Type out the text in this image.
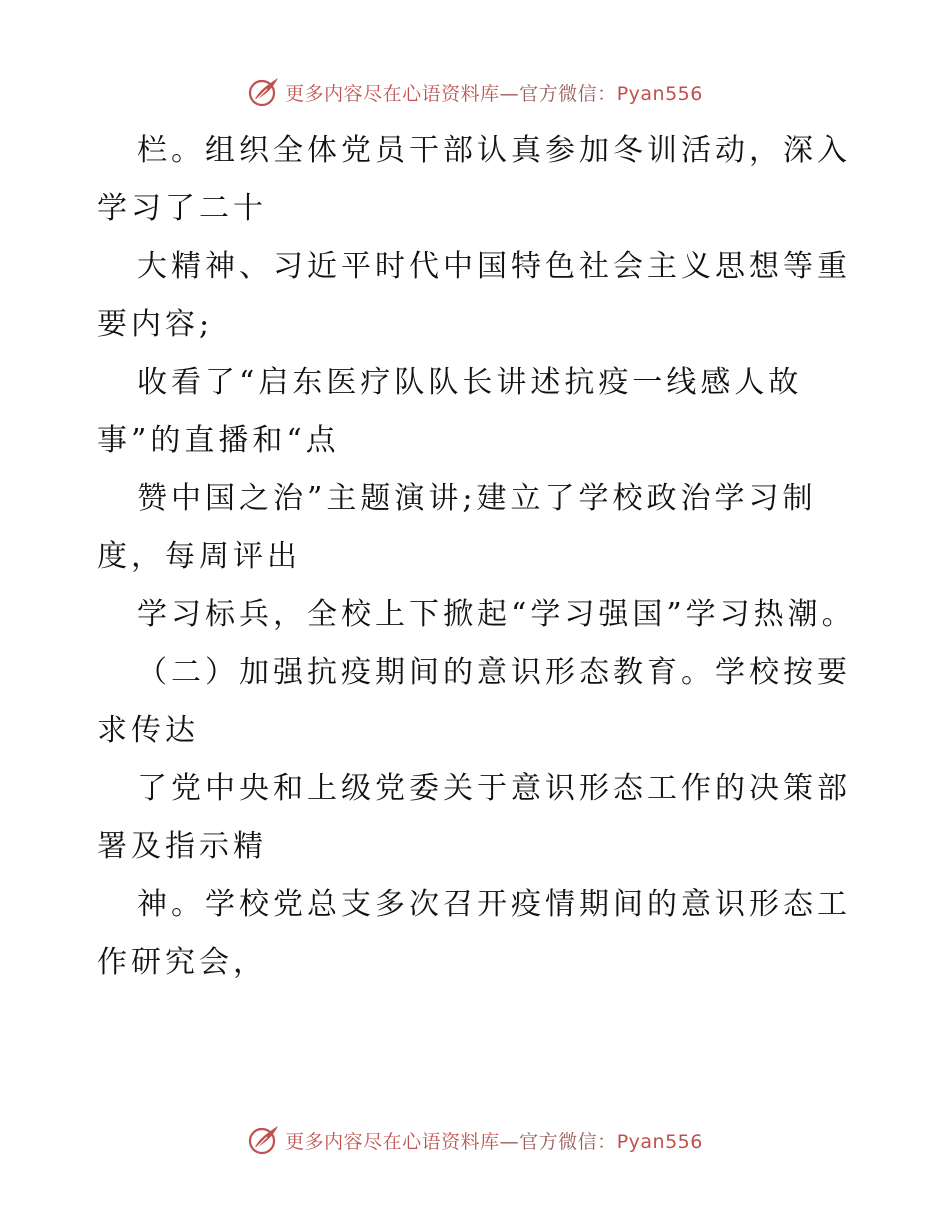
更多内容尽在心语资料库—官方微信：Pyan556

栏。组织全体党员干部认真参加冬训活动，深入学习了二十

大精神、习近平时代中国特色社会主义思想等重要内容;

收看了“启东医疗队队长讲述抗疫一线感人故事”的直播和“点

赞中国之治”主题演讲;建立了学校政治学习制度，每周评出

学习标兵，全校上下掀起“学习强国”学习热潮。

（二）加强抗疫期间的意识形态教育。学校按要求传达

了党中央和上级党委关于意识形态工作的决策部署及指示精

神。学校党总支多次召开疫情期间的意识形态工作研究会，

更多内容尽在心语资料库—官方微信：Pyan556
